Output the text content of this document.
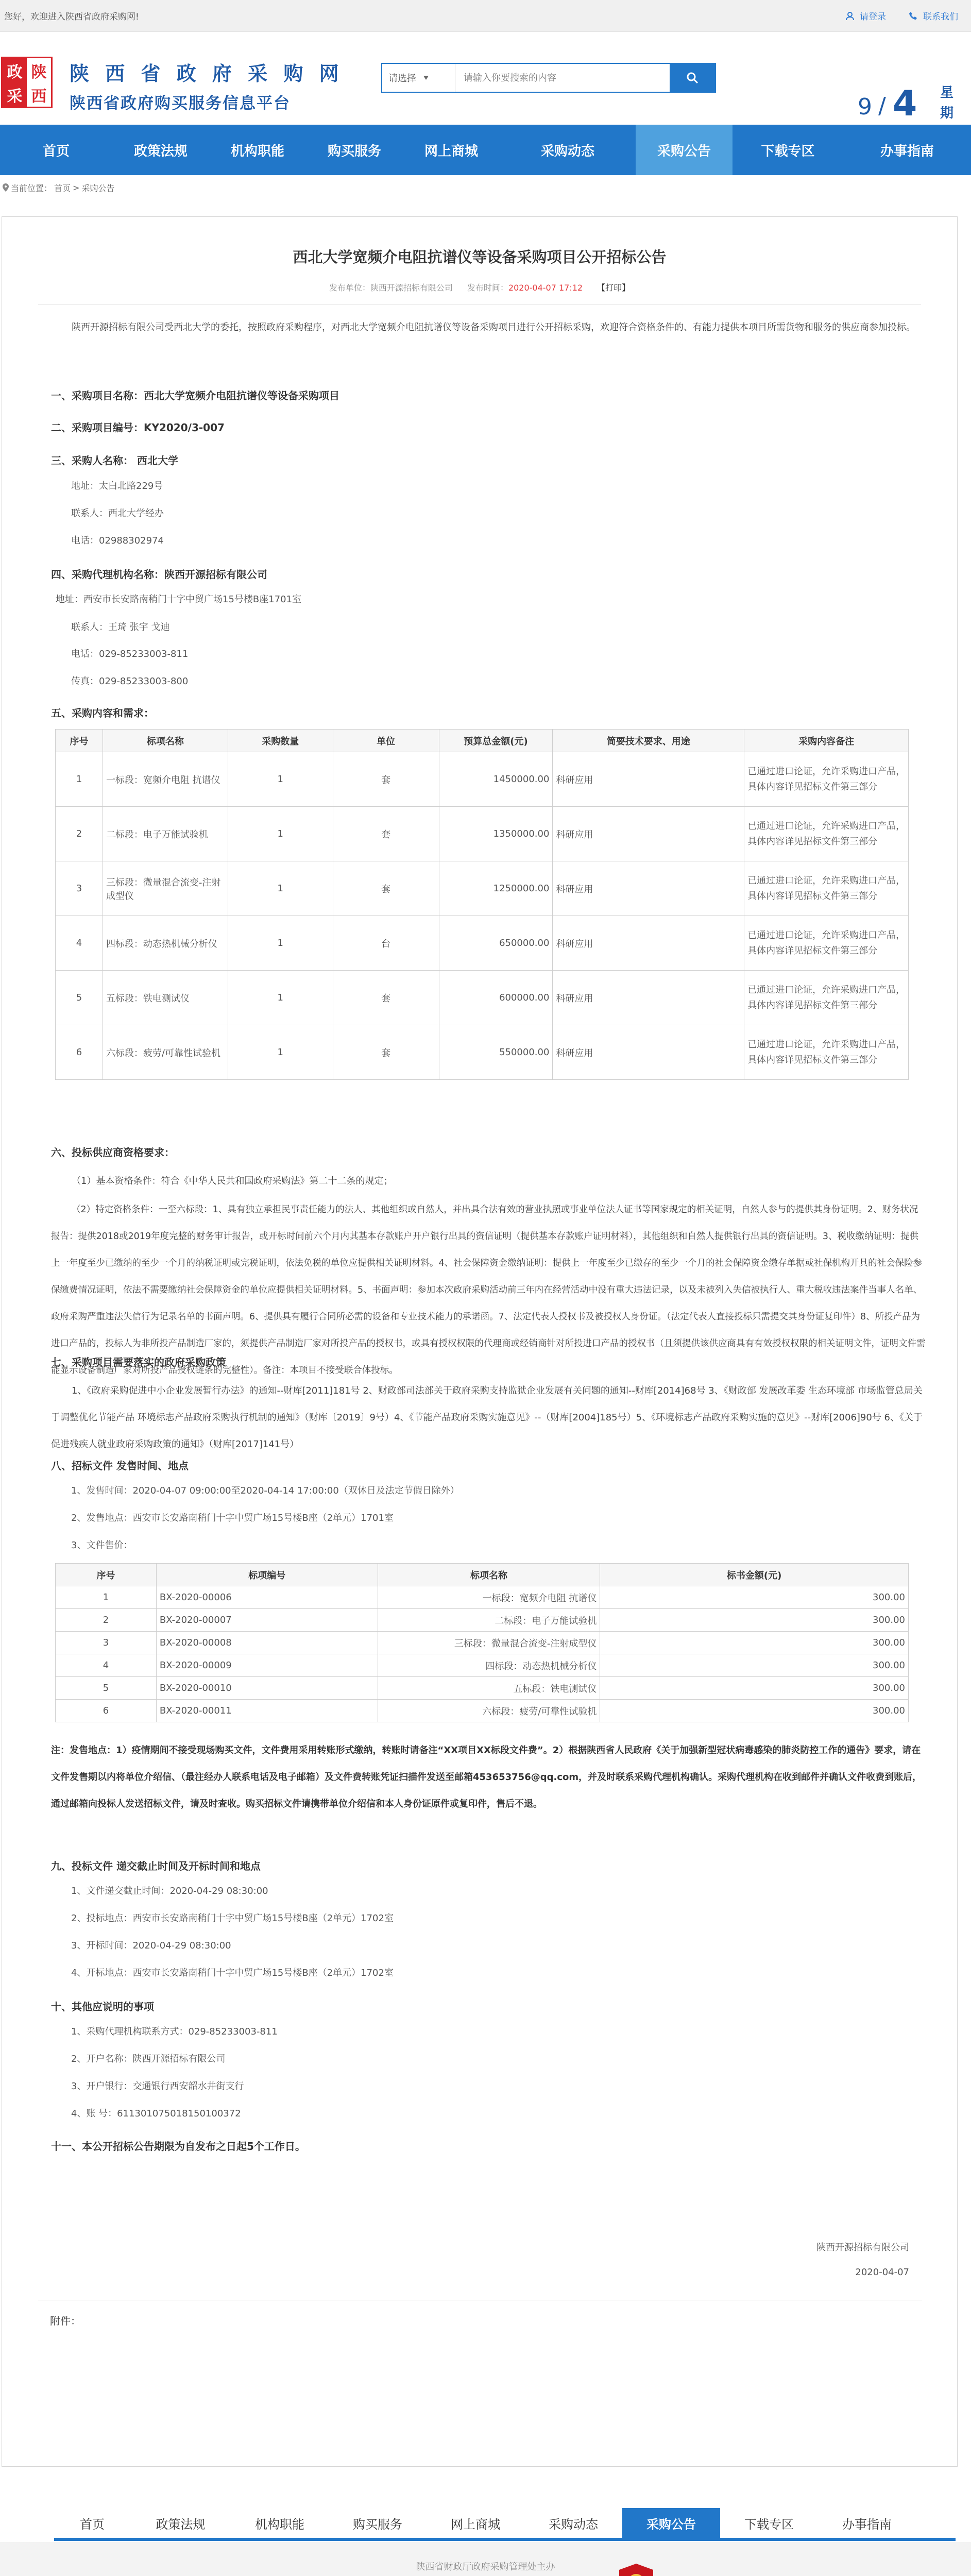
您好，欢迎进入陕西省政府采购网!	请登录	联系我们
政 陕
采 西
陕 西 省 政 府 采 购 网
陕西省政府购买服务信息平台	9 / 4 星期
请选择
请输入你要搜索的内容
首页	政策法规	机构职能	购买服务	网上商城	采购动态	采购公告	下载专区	办事指南
当前位置： 首页 > 采购公告
西北大学宽频介电阻抗谱仪等设备采购项目公开招标公告
发布单位：陕西开源招标有限公司 发布时间：2020-04-07 17:12 【打印】
陕西开源招标有限公司受西北大学的委托，按照政府采购程序，对西北大学宽频介电阻抗谱仪等设备采购项目进行公开招标采购，欢迎符合资格条件的、有能力提供本项目所需货物和服务的供应商参加投标。
一、采购项目名称：西北大学宽频介电阻抗谱仪等设备采购项目
二、采购项目编号：KY2020/3-007
三、采购人名称： 西北大学
地址：太白北路229号
联系人：西北大学经办
电话：02988302974
四、采购代理机构名称：陕西开源招标有限公司
地址：西安市长安路南稍门十字中贸广场15号楼B座1701室
联系人：王琦 张宇 戈迪
电话：029-85233003-811
传真：029-85233003-800
五、采购内容和需求：
序号	标项名称	采购数量	单位	预算总金额(元)	简要技术要求、用途	采购内容备注
1	一标段：宽频介电阻 抗谱仪	1	套	1450000.00	科研应用	已通过进口论证，允许采购进口产品，具体内容详见招标文件第三部分
2	二标段：电子万能试验机	1	套	1350000.00	科研应用	已通过进口论证，允许采购进口产品，具体内容详见招标文件第三部分
3	三标段：微量混合流变-注射成型仪	1	套	1250000.00	科研应用	已通过进口论证，允许采购进口产品，具体内容详见招标文件第三部分
4	四标段：动态热机械分析仪	1	台	650000.00	科研应用	已通过进口论证，允许采购进口产品，具体内容详见招标文件第三部分
5	五标段：铁电测试仪	1	套	600000.00	科研应用	已通过进口论证，允许采购进口产品，具体内容详见招标文件第三部分
6	六标段：疲劳/可靠性试验机	1	套	550000.00	科研应用	已通过进口论证，允许采购进口产品，具体内容详见招标文件第三部分
六、投标供应商资格要求：
（1）基本资格条件：符合《中华人民共和国政府采购法》第二十二条的规定；
（2）特定资格条件：一至六标段：1、具有独立承担民事责任能力的法人、其他组织或自然人，并出具合法有效的营业执照或事业单位法人证书等国家规定的相关证明，自然人参与的提供其身份证明。2、财务状况报告：提供2018或2019年度完整的财务审计报告，或开标时间前六个月内其基本存款账户开户银行出具的资信证明（提供基本存款账户证明材料），其他组织和自然人提供银行出具的资信证明。3、税收缴纳证明：提供上一年度至少已缴纳的至少一个月的纳税证明或完税证明，依法免税的单位应提供相关证明材料。4、社会保障资金缴纳证明：提供上一年度至少已缴存的至少一个月的社会保障资金缴存单据或社保机构开具的社会保险参保缴费情况证明，依法不需要缴纳社会保障资金的单位应提供相关证明材料。5、书面声明：参加本次政府采购活动前三年内在经营活动中没有重大违法记录，以及未被列入失信被执行人、重大税收违法案件当事人名单、政府采购严重违法失信行为记录名单的书面声明。6、提供具有履行合同所必需的设备和专业技术能力的承诺函。7、法定代表人授权书及被授权人身份证。（法定代表人直接投标只需提交其身份证复印件）8、所投产品为进口产品的，投标人为非所投产品制造厂家的，须提供产品制造厂家对所投产品的授权书，或具有授权权限的代理商或经销商针对所投进口产品的授权书（且须提供该供应商具有有效授权权限的相关证明文件，证明文件需能显示设备制造厂家对所投产品授权链条的完整性）。备注：本项目不接受联合体投标。
七、采购项目需要落实的政府采购政策
1、《政府采购促进中小企业发展暂行办法》的通知--财库[2011]181号 2、财政部司法部关于政府采购支持监狱企业发展有关问题的通知--财库[2014]68号 3、《财政部 发展改革委 生态环境部 市场监管总局关于调整优化节能产品 环境标志产品政府采购执行机制的通知》（财库〔2019〕9号）4、《节能产品政府采购实施意见》--（财库[2004]185号）5、《环境标志产品政府采购实施的意见》--财库[2006]90号 6、《关于促进残疾人就业政府采购政策的通知》（财库[2017]141号）
八、招标文件 发售时间、地点
1、发售时间：2020-04-07 09:00:00至2020-04-14 17:00:00（双休日及法定节假日除外）
2、发售地点：西安市长安路南稍门十字中贸广场15号楼B座（2单元）1701室
3、文件售价：
序号	标项编号	标项名称	标书金额(元)
1	BX-2020-00006	一标段：宽频介电阻 抗谱仪	300.00
2	BX-2020-00007	二标段：电子万能试验机	300.00
3	BX-2020-00008	三标段：微量混合流变-注射成型仪	300.00
4	BX-2020-00009	四标段：动态热机械分析仪	300.00
5	BX-2020-00010	五标段：铁电测试仪	300.00
6	BX-2020-00011	六标段：疲劳/可靠性试验机	300.00
注：发售地点：1）疫情期间不接受现场购买文件，文件费用采用转账形式缴纳，转账时请备注“XX项目XX标段文件费”。2）根据陕西省人民政府《关于加强新型冠状病毒感染的肺炎防控工作的通告》要求，请在文件发售期以内将单位介绍信、（最注经办人联系电话及电子邮箱）及文件费转账凭证扫描件发送至邮箱453653756@qq.com，并及时联系采购代理机构确认。采购代理机构在收到邮件并确认文件收费到账后，通过邮箱向投标人发送招标文件，请及时查收。购买招标文件请携带单位介绍信和本人身份证原件或复印件，售后不退。
九、投标文件 递交截止时间及开标时间和地点
1、文件递交截止时间：2020-04-29 08:30:00
2、投标地点：西安市长安路南稍门十字中贸广场15号楼B座（2单元）1702室
3、开标时间：2020-04-29 08:30:00
4、开标地点：西安市长安路南稍门十字中贸广场15号楼B座（2单元）1702室
十、其他应说明的事项
1、采购代理机构联系方式：029-85233003-811
2、开户名称：陕西开源招标有限公司
3、开户银行：交通银行西安韶水井街支行
4、账 号：611301075018150100372
十一、本公开招标公告期限为自发布之日起5个工作日。
陕西开源招标有限公司
2020-04-07
附件：
首页	政策法规	机构职能	购买服务	网上商城	采购动态	采购公告	下载专区	办事指南
陕西省财政厅政府采购管理处主办
